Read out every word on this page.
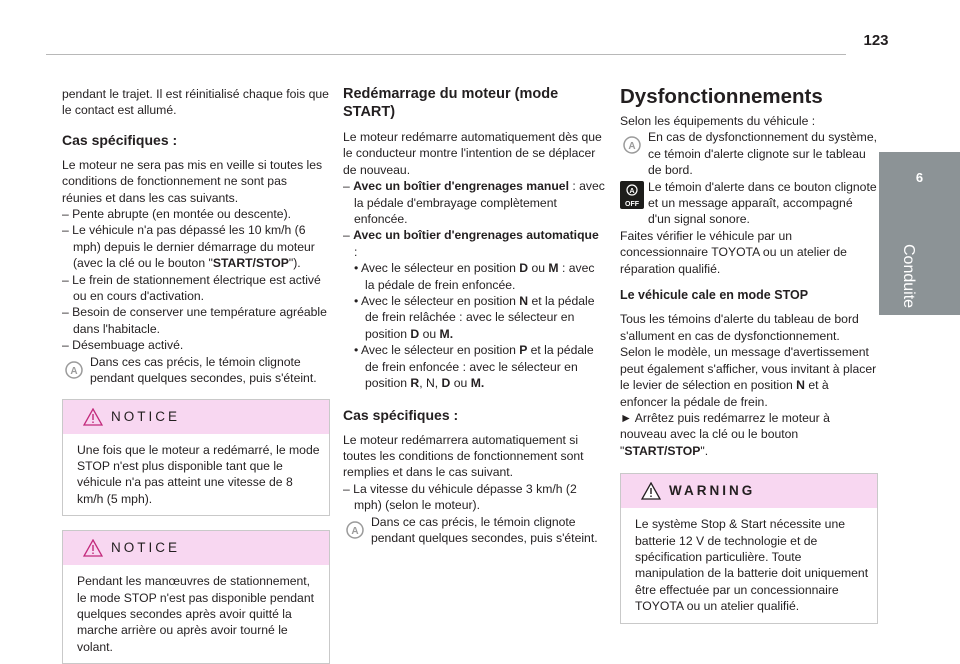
123
6
Conduite

pendant le trajet. Il est réinitialisé chaque fois que le contact est allumé.

Cas spécifiques :

Le moteur ne sera pas mis en veille si toutes les conditions de fonctionnement ne sont pas réunies et dans les cas suivants.

– Pente abrupte (en montée ou descente).

– Le véhicule n'a pas dépassé les 10 km/h (6 mph) depuis le dernier démarrage du moteur (avec la clé ou le bouton "START/STOP").

– Le frein de stationnement électrique est activé ou en cours d'activation.

– Besoin de conserver une température agréable dans l'habitacle.

– Désembuage activé.

A
Dans ces cas précis, le témoin clignote pendant quelques secondes, puis s'éteint.
NOTICE
Une fois que le moteur a redémarré, le mode STOP n'est plus disponible tant que le véhicule n'a pas atteint une vitesse de 8 km/h (5 mph).
NOTICE
Pendant les manœuvres de stationnement, le mode STOP n'est pas disponible pendant quelques secondes après avoir quitté la marche arrière ou après avoir tourné le volant.
Redémarrage du moteur (mode START)

Le moteur redémarre automatiquement dès que le conducteur montre l'intention de se déplacer de nouveau.

– Avec un boîtier d'engrenages manuel : avec la pédale d'embrayage complètement enfoncée.

– Avec un boîtier d'engrenages automatique :

• Avec le sélecteur en position D ou M : avec la pédale de frein enfoncée.

• Avec le sélecteur en position N et la pédale de frein relâchée : avec le sélecteur en position D ou M.

• Avec le sélecteur en position P et la pédale de frein enfoncée : avec le sélecteur en position R, N, D ou M.

Cas spécifiques :

Le moteur redémarrera automatiquement si toutes les conditions de fonctionnement sont remplies et dans le cas suivant.

– La vitesse du véhicule dépasse 3 km/h (2 mph) (selon le moteur).

A
Dans ce cas précis, le témoin clignote pendant quelques secondes, puis s'éteint.
Dysfonctionnements

Selon les équipements du véhicule :

A
En cas de dysfonctionnement du système, ce témoin d'alerte clignote sur le tableau de bord.
A
OFF
Le témoin d'alerte dans ce bouton clignote et un message apparaît, accompagné d'un signal sonore.

Faites vérifier le véhicule par un concessionnaire TOYOTA ou un atelier de réparation qualifié.

Le véhicule cale en mode STOP

Tous les témoins d'alerte du tableau de bord s'allument en cas de dysfonctionnement.

Selon le modèle, un message d'avertissement peut également s'afficher, vous invitant à placer le levier de sélection en position N et à enfoncer la pédale de frein.

► Arrêtez puis redémarrez le moteur à nouveau avec la clé ou le bouton "START/STOP".

WARNING
Le système Stop & Start nécessite une batterie 12 V de technologie et de spécification particulière. Toute manipulation de la batterie doit uniquement être effectuée par un concessionnaire TOYOTA ou un atelier qualifié.
